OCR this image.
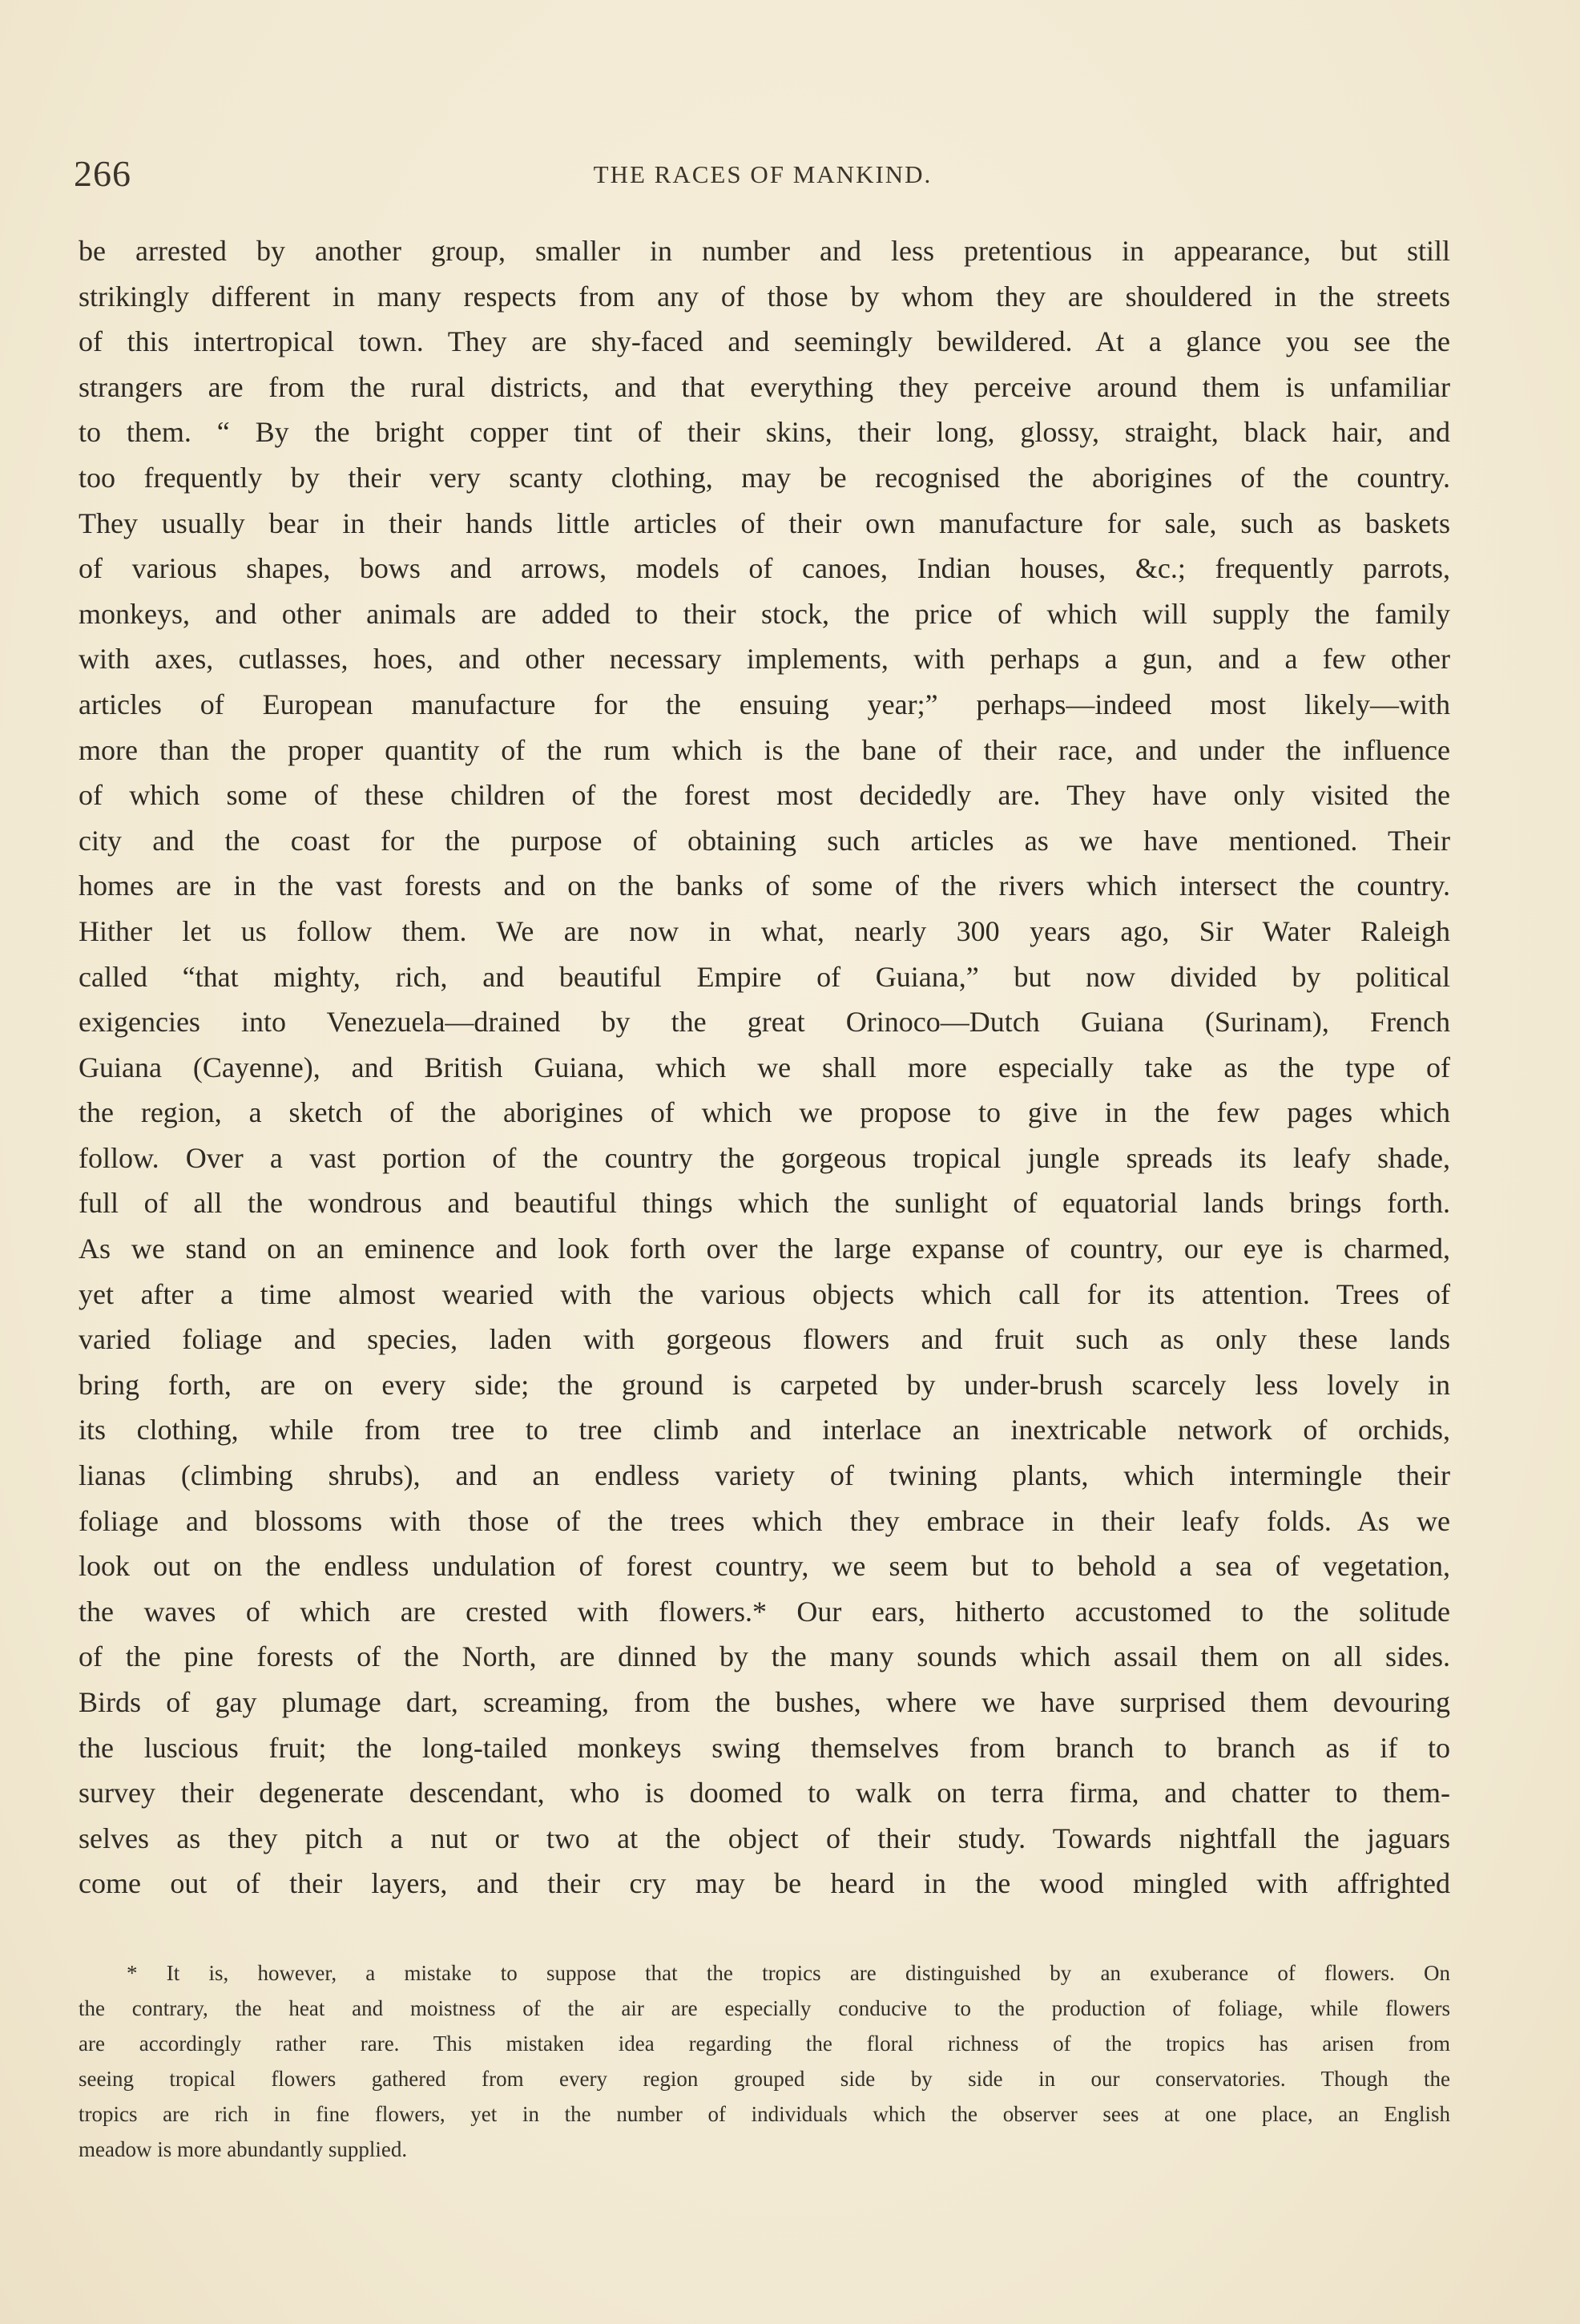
266	THE RACES OF MANKIND.
be arrested by another group, smaller in number and less pretentious in appearance, but still
strikingly different in many respects from any of those by whom they are shouldered in the streets
of this intertropical town. They are shy-faced and seemingly bewildered. At a glance you see the
strangers are from the rural districts, and that everything they perceive around them is unfamiliar
to them. “ By the bright copper tint of their skins, their long, glossy, straight, black hair, and
too frequently by their very scanty clothing, may be recognised the aborigines of the country.
They usually bear in their hands little articles of their own manufacture for sale, such as baskets
of various shapes, bows and arrows, models of canoes, Indian houses, &c.; frequently parrots,
monkeys, and other animals are added to their stock, the price of which will supply the family
with axes, cutlasses, hoes, and other necessary implements, with perhaps a gun, and a few other
articles of European manufacture for the ensuing year;” perhaps—indeed most likely—with
more than the proper quantity of the rum which is the bane of their race, and under the influence
of which some of these children of the forest most decidedly are. They have only visited the
city and the coast for the purpose of obtaining such articles as we have mentioned. Their
homes are in the vast forests and on the banks of some of the rivers which intersect the country.
Hither let us follow them. We are now in what, nearly 300 years ago, Sir Water Raleigh
called “that mighty, rich, and beautiful Empire of Guiana,” but now divided by political
exigencies into Venezuela—drained by the great Orinoco—Dutch Guiana (Surinam), French
Guiana (Cayenne), and British Guiana, which we shall more especially take as the type of
the region, a sketch of the aborigines of which we propose to give in the few pages which
follow. Over a vast portion of the country the gorgeous tropical jungle spreads its leafy shade,
full of all the wondrous and beautiful things which the sunlight of equatorial lands brings forth.
As we stand on an eminence and look forth over the large expanse of country, our eye is charmed,
yet after a time almost wearied with the various objects which call for its attention. Trees of
varied foliage and species, laden with gorgeous flowers and fruit such as only these lands
bring forth, are on every side; the ground is carpeted by under-brush scarcely less lovely in
its clothing, while from tree to tree climb and interlace an inextricable network of orchids,
lianas (climbing shrubs), and an endless variety of twining plants, which intermingle their
foliage and blossoms with those of the trees which they embrace in their leafy folds. As we
look out on the endless undulation of forest country, we seem but to behold a sea of vegetation,
the waves of which are crested with flowers.* Our ears, hitherto accustomed to the solitude
of the pine forests of the North, are dinned by the many sounds which assail them on all sides.
Birds of gay plumage dart, screaming, from the bushes, where we have surprised them devouring
the luscious fruit; the long-tailed monkeys swing themselves from branch to branch as if to
survey their degenerate descendant, who is doomed to walk on terra firma, and chatter to them-
selves as they pitch a nut or two at the object of their study. Towards nightfall the jaguars
come out of their layers, and their cry may be heard in the wood mingled with affrighted
* It is, however, a mistake to suppose that the tropics are distinguished by an exuberance of flowers. On
the contrary, the heat and moistness of the air are especially conducive to the production of foliage, while flowers
are accordingly rather rare. This mistaken idea regarding the floral richness of the tropics has arisen from
seeing tropical flowers gathered from every region grouped side by side in our conservatories. Though the
tropics are rich in fine flowers, yet in the number of individuals which the observer sees at one place, an English
meadow is more abundantly supplied.
